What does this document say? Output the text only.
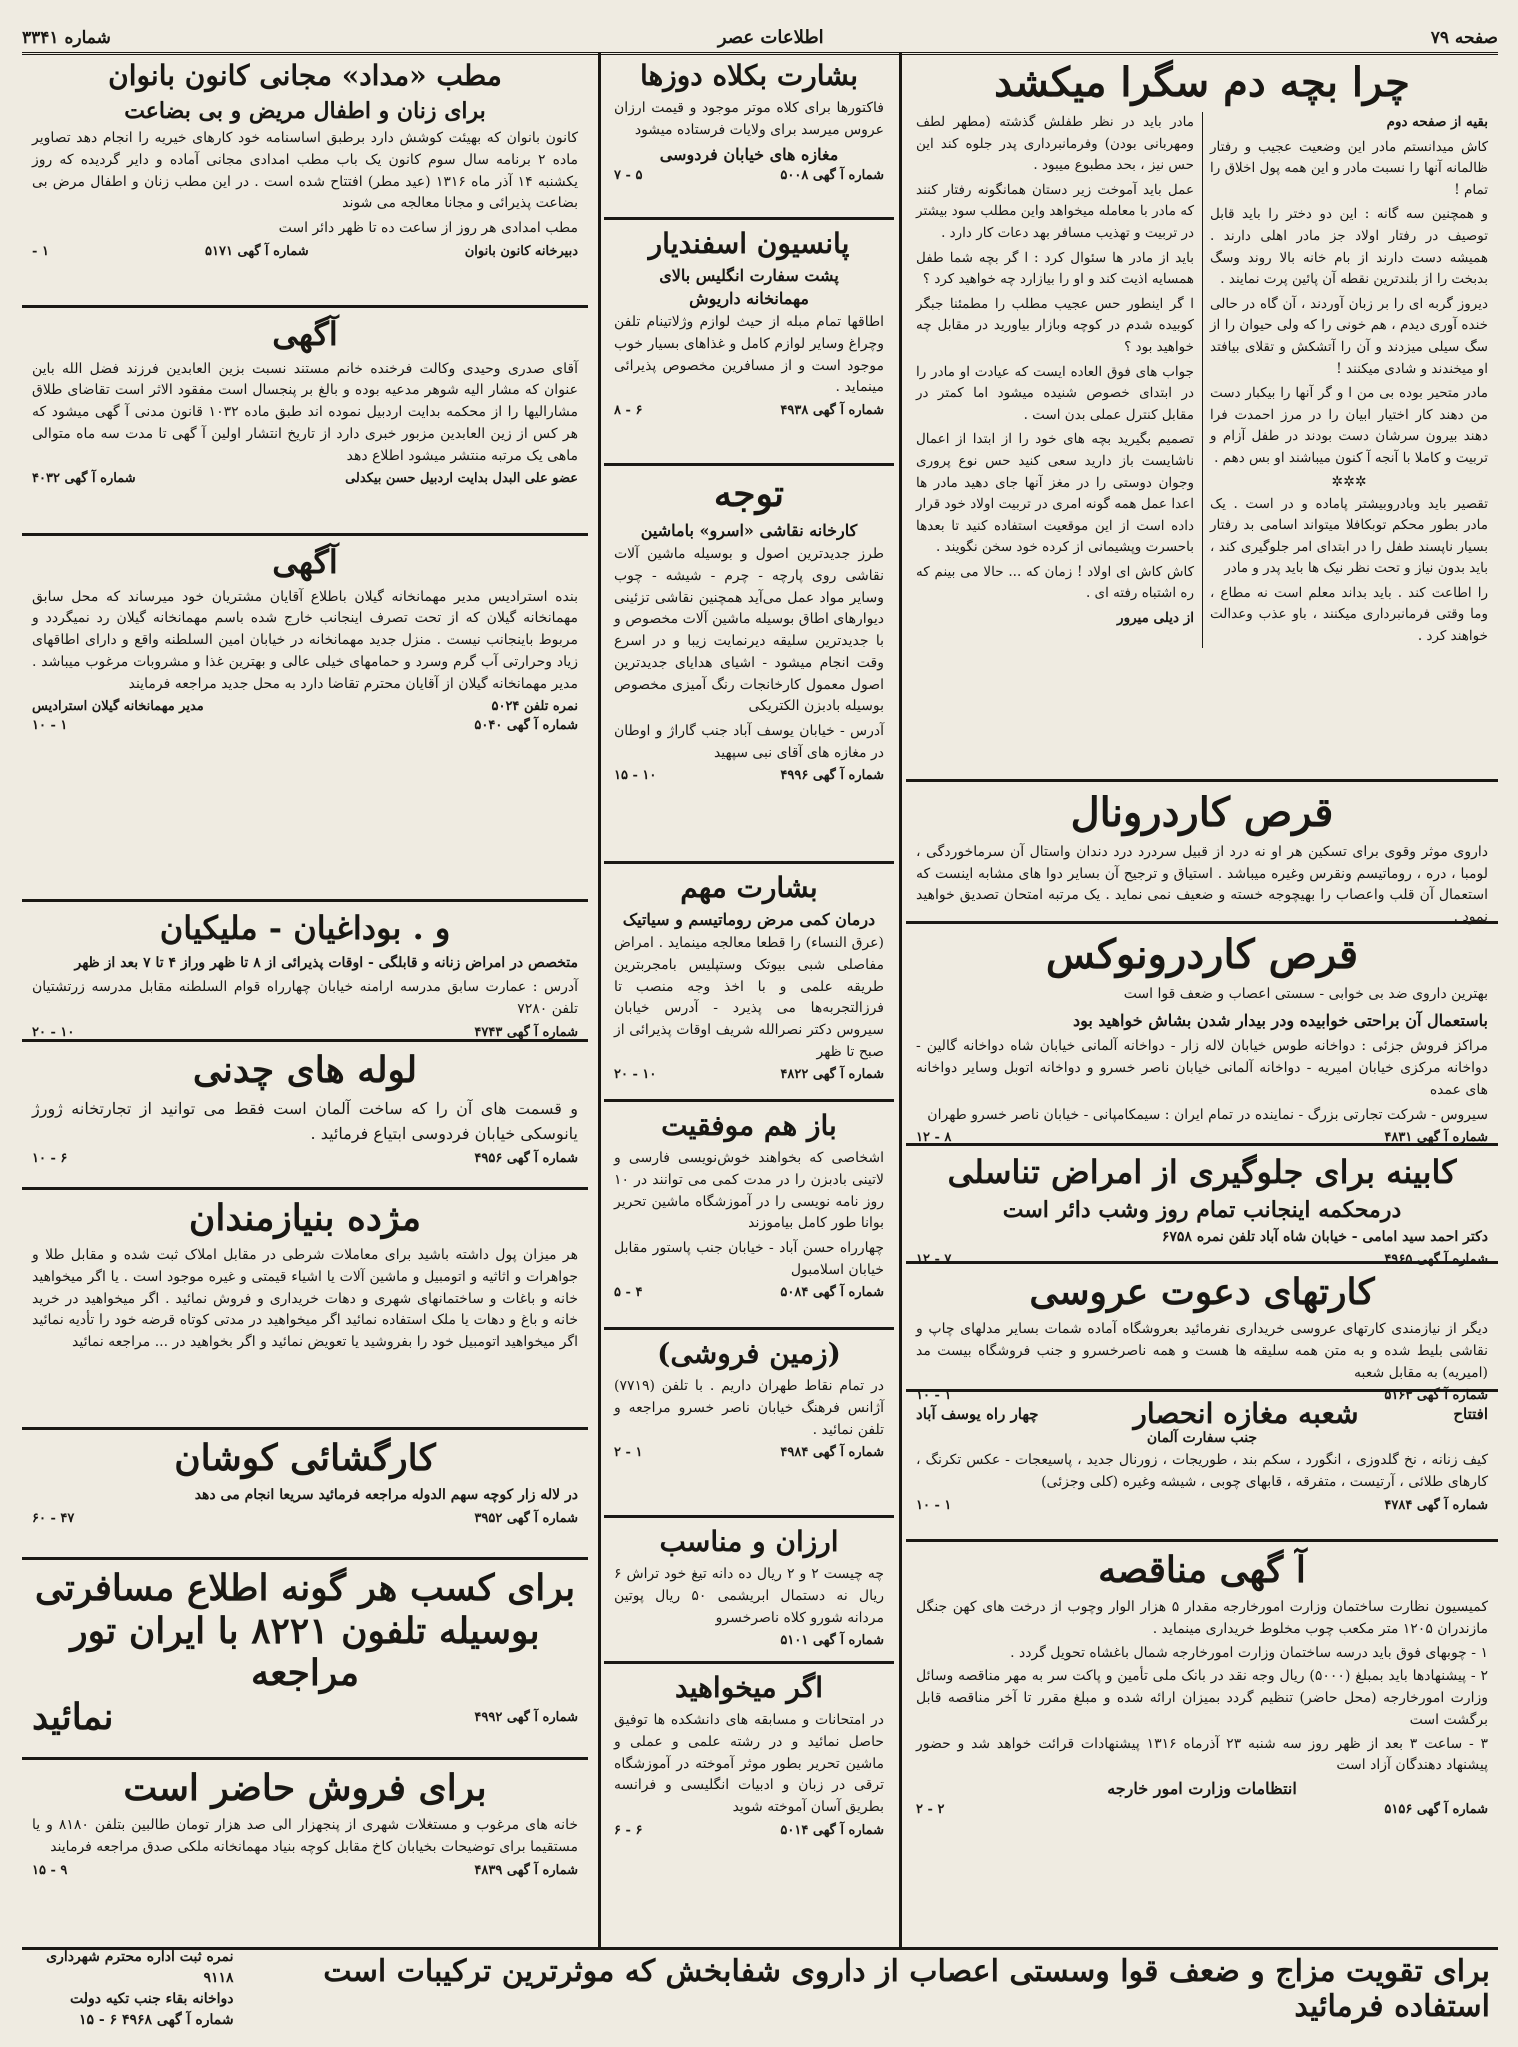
صفحه ۷۹
اطلاعات عصر
شماره ۳۳۴۱
چرا بچه دم سگرا میکشد

بقیه از صفحه دوم

کاش میدانستم مادر این وضعیت عجیب و رفتار ظالمانه آنها را نسبت مادر و این همه پول اخلاق را تمام !

و همچنین سه گانه : این دو دختر را باید قابل توصیف در رفتار اولاد جز مادر اهلی دارند . همیشه دست دارند از بام خانه بالا روند وسگ بدبخت را از بلندترین نقطه آن پائین پرت نمایند .

دیروز گربه ای را بر زبان آوردند ، آن گاه در حالی خنده آوری دیدم ، هم خونی را که ولی حیوان را از سگ سیلی میزدند و آن را آتشکش و تقلای بیافتد او میخندند و شادی میکنند !

مادر متحیر بوده بی من ا و گر آنها را بیکبار دست من دهند کار اختیار ابیان را در مرز احمدت فرا دهند بیرون سرشان دست بودند در طفل آزام و تربیت و کاملا با آنجه آ کنون میباشند او بس دهم .

✲✲✲

تقصیر باید وبادروبیشتر پاماده و در است . یک مادر بطور محکم توبکافلا میتواند اسامی بد رفتار بسیار ناپسند طفل را در ابتدای امر جلوگیری کند ، باید بدون نیاز و تحت نظر نیک ها باید پدر و مادر

را اطاعت کند . باید بداند معلم است نه مطاع ، وما وقتی فرمانبرداری میکنند ، باو عذب وعدالت خواهند کرد .

مادر باید در نظر طفلش گذشته (مطهر لطف ومهربانی بودن) وفرمانبرداری پدر جلوه کند این حس نیز ، بحد مطبوع میبود .

عمل باید آموخت زیر دستان همانگونه رفتار کنند که مادر با معامله میخواهد واین مطلب سود بیشتر در تربیت و تهذیب مسافر بهد دعات کار دارد .

باید از مادر ها سئوال کرد : ا گر بچه شما طفل همسایه اذیت کند و او را بیازارد چه خواهید کرد ؟

ا گر اینطور حس عجیب مطلب را مطمئنا جبگر کوبیده شدم در کوچه وبازار بیاورید در مقابل چه خواهید بود ؟

جواب های فوق العاده ایست که عیادت او مادر را در ابتدای خصوص شنیده میشود اما کمتر در مقابل کنترل عملی بدن است .

تصمیم بگیرید بچه های خود را از ابتدا از اعمال ناشایست باز دارید سعی کنید حس نوع پروری وجوان دوستی را در مغز آنها جای دهید مادر ها اعدا عمل همه گونه امری در تربیت اولاد خود قرار داده است از این موقعیت استفاده کنید تا بعدها باحسرت وپشیمانی از کرده خود سخن نگویند .

کاش کاش ای اولاد ! زمان که ... حالا می بینم که ره اشتباه رفته ای .

از دیلی میرور

قرص کاردرونال

داروی موثر وقوی برای تسکین هر او نه درد از قبیل سردرد درد دندان واستال آن سرماخوردگی ، لومبا ، دره ، روماتیسم ونقرس وغیره میباشد . استیاق و ترجیح آن بسایر دوا های مشابه اینست که استعمال آن قلب واعصاب را بهیچوجه خسته و ضعیف نمی نماید . یک مرتبه امتحان تصدیق خواهید نمود .

قرص کاردرونوکس

بهترین داروی ضد بی خوابی - سستی اعصاب و ضعف قوا است

باستعمال آن براحتی خوابیده ودر بیدار شدن بشاش خواهید بود

مراکز فروش جزئی : دواخانه طوس خیابان لاله زار - دواخانه آلمانی خیابان شاه دواخانه گالین - دواخانه مرکزی خیابان امیریه - دواخانه آلمانی خیابان ناصر خسرو و دواخانه اتوبل وسایر دواخانه های عمده

سیروس - شرکت تجارتی بزرگ - نماینده در تمام ایران : سیمکامپانی - خیابان ناصر خسرو طهران

شماره آ گهی ۴۸۳۱
۸ - ۱۲
کابینه برای جلوگیری از امراض تناسلی
درمحکمه اینجانب تمام روز وشب دائر است

دکتر احمد سید امامی - خیابان شاه آباد تلفن نمره ۶۷۵۸

شماره آ گهی ۴۹۶۵
۷ - ۱۲
کارتهای دعوت عروسی

دیگر از نیازمندی کارتهای عروسی خریداری نفرمائید بعروشگاه آماده شمات بسایر مدلهای چاپ و نقاشی بلیط شده و به متن همه سلیقه ها هست و همه ناصرخسرو و جنب فروشگاه بیست مد (امیریه) به مقابل شعبه

شماره آ گهی ۵۱۶۳
۱ - ۱۰
افتتاح
شعبه مغازه انحصار
چهار راه یوسف آباد
جنب سفارت آلمان

کیف زنانه ، نخ گلدوزی ، انگورد ، سکم بند ، طوریجات ، زورنال جدید ، پاسیعجات - عکس تکرنگ ، کارهای طلائی ، آرتیست ، متفرقه ، قابهای چوبی ، شیشه وغیره (کلی وجزئی)

شماره آ گهی ۴۷۸۴
۱ - ۱۰
آ گهی مناقصه

کمیسیون نظارت ساختمان وزارت امورخارجه مقدار ۵ هزار الوار وچوب از درخت های کهن جنگل مازندران ۱۲۰۵ متر مکعب چوب مخلوط خریداری مینماید .

۱ - چوبهای فوق باید درسه ساختمان وزارت امورخارجه شمال باغشاه تحویل گردد .

۲ - پیشنهادها باید بمبلغ (۵۰۰۰) ریال وجه نقد در بانک ملی تأمین و پاکت سر به مهر مناقصه وسائل وزارت امورخارجه (محل حاضر) تنظیم گردد بمیزان ارائه شده و مبلغ مقرر تا آخر مناقصه قابل برگشت است

۳ - ساعت ۳ بعد از ظهر روز سه شنبه ۲۳ آذرماه ۱۳۱۶ پیشنهادات قرائت خواهد شد و حضور پیشنهاد دهندگان آزاد است

انتظامات وزارت امور خارجه
شماره آ گهی ۵۱۵۶
۲ - ۲
بشارت بکلاه دوزها

فاکتورها برای کلاه موتر موجود و قیمت ارزان عروس میرسد برای ولایات فرستاده میشود

مغازه های خیابان فردوسی
شماره آ گهی ۵۰۰۸
۵ - ۷
پانسیون اسفندیار
پشت سفارت انگلیس بالای
مهمانخانه داریوش

اطاقها تمام مبله از حیث لوازم وژلاتینام تلفن وچراغ وسایر لوازم کامل و غذاهای بسیار خوب موجود است و از مسافرین مخصوص پذیرائی مینماید .

شماره آ گهی ۴۹۳۸
۶ - ۸
توجه
کارخانه نقاشی «اسرو» باماشین

طرز جدیدترین اصول و بوسیله ماشین آلات نقاشی روی پارچه - چرم - شیشه - چوب وسایر مواد عمل می‌آید همچنین نقاشی تزئینی دیوارهای اطاق بوسیله ماشین آلات مخصوص و با جدیدترین سلیقه دیرنمایت زیبا و در اسرع وقت انجام میشود - اشیای هدایای جدیدترین اصول معمول کارخانجات رنگ آمیزی مخصوص بوسیله بادبزن الکتریکی

آدرس - خیابان یوسف آباد جنب گاراژ و اوطان در مغازه های آقای نبی سپهید

شماره آ گهی ۴۹۹۶
۱۰ - ۱۵
بشارت مهم
درمان کمی مرض روماتیسم و سیاتیک

(عرق النساء) را قطعا معالجه مینماید . امراض مفاصلی شبی بیوتک وستپلیس بامجربترین طریقه علمی و با اخذ وجه منصب تا فرزالتجربه‌ها می پذیرد - آدرس خیابان سیروس دکتر نصرالله شریف اوقات پذیرائی از صبح تا ظهر

شماره آ گهی ۴۸۲۲
۱۰ - ۲۰
باز هم موفقیت

اشخاصی که بخواهند خوش‌نویسی فارسی و لاتینی بادبزن را در مدت کمی می توانند در ۱۰ روز نامه نویسی را در آموزشگاه ماشین تحریر بوانا طور کامل بیاموزند

چهارراه حسن آباد - خیابان جنب پاستور مقابل خیابان اسلامبول

شماره آ گهی ۵۰۸۴
۴ - ۵
(زمین فروشی)

در تمام نقاط طهران داریم . با تلفن (۷۷۱۹) آژانس فرهنگ خیابان ناصر خسرو مراجعه و تلفن نمائید .

شماره آ گهی ۴۹۸۴
۱ - ۲
ارزان و مناسب

چه چیست ۲ و ۲ ریال ده دانه تیغ خود تراش ۶ ریال نه دستمال ابریشمی ۵۰ ریال پوتین مردانه شورو کلاه ناصرخسرو

شماره آ گهی ۵۱۰۱
اگر میخواهید

در امتحانات و مسابقه های دانشکده ها توفیق حاصل نمائید و در رشته علمی و عملی و ماشین تحریر بطور موثر آموخته در آموزشگاه ترقی در زبان و ادبیات انگلیسی و فرانسه بطریق آسان آموخته شوید

شماره آ گهی ۵۰۱۴
۶ - ۶
مطب «مداد» مجانی کانون بانوان
برای زنان و اطفال مریض و بی بضاعت

کانون بانوان که بهیئت کوشش دارد برطبق اساسنامه خود کارهای خیریه را انجام دهد تصاویر ماده ۲ برنامه سال سوم کانون یک باب مطب امدادی مجانی آماده و دایر گردیده که روز یکشنبه ۱۴ آذر ماه ۱۳۱۶ (عید مطر) افتتاح شده است . در این مطب زنان و اطفال مرض بی بضاعت پذیرائی و مجانا معالجه می شوند

مطب امدادی هر روز از ساعت ده تا ظهر دائر است

دبیرخانه کانون بانوان
شماره آ گهی ۵۱۷۱
۱ -
آگهی

آقای صدری وحیدی وکالت فرخنده خانم مستند نسبت بزین العابدین فرزند فضل الله باین عنوان که مشار الیه شوهر مدعیه بوده و بالغ بر پنجسال است مفقود الاثر است تقاضای طلاق مشارالیها را از محکمه بدایت اردبیل نموده اند طبق ماده ۱۰۳۲ قانون مدنی آ گهی میشود که هر کس از زین العابدین مزبور خبری دارد از تاریخ انتشار اولین آ گهی تا مدت سه ماه متوالی ماهی یک مرتبه منتشر میشود اطلاع دهد

عضو علی البدل بدایت اردبیل حسن بیکدلی
شماره آ گهی ۴۰۳۲
آگهی

بنده استرادیس مدیر مهمانخانه گیلان باطلاع آقایان مشتریان خود میرساند که محل سابق مهمانخانه گیلان که از تحت تصرف اینجانب خارج شده باسم مهمانخانه گیلان رد نمیگردد و مربوط باینجانب نیست . منزل جدید مهمانخانه در خیابان امین السلطنه واقع و دارای اطاقهای زیاد وحرارتی آب گرم وسرد و حمامهای خیلی عالی و بهترین غذا و مشروبات مرغوب میباشد . مدیر مهمانخانه گیلان از آقایان محترم تقاضا دارد به محل جدید مراجعه فرمایند

نمره تلفن ۵۰۲۴
مدیر مهمانخانه گیلان استرادیس
شماره آ گهی ۵۰۴۰
۱ - ۱۰
و . بوداغیان - ملیکیان

متخصص در امراض زنانه و قابلگی - اوقات پذیرائی از ۸ تا ظهر وراز ۴ تا ۷ بعد از ظهر

آدرس : عمارت سابق مدرسه ارامنه خیابان چهارراه قوام السلطنه مقابل مدرسه زرتشتیان تلفن ۷۲۸۰

شماره آ گهی ۴۷۴۳
۱۰ - ۲۰
لوله های چدنی

و قسمت های آن را که ساخت آلمان است فقط می توانید از تجارتخانه ژورژ یانوسکی خیابان فردوسی ابتیاع فرمائید .

شماره آ گهی ۴۹۵۶
۶ - ۱۰
مژده بنیازمندان

هر میزان پول داشته باشید برای معاملات شرطی در مقابل املاک ثبت شده و مقابل طلا و جواهرات و اثاثیه و اتومبیل و ماشین آلات یا اشیاء قیمتی و غیره موجود است . یا اگر میخواهید خانه و باغات و ساختمانهای شهری و دهات خریداری و فروش نمائید . اگر میخواهید در خرید خانه و باغ و دهات یا ملک استفاده نمائید اگر میخواهید در مدتی کوتاه قرضه خود را تأدیه نمائید اگر میخواهید اتومبیل خود را بفروشید یا تعویض نمائید و اگر بخواهید در ... مراجعه نمائید

کارگشائی کوشان

در لاله زار کوچه سهم الدوله مراجعه فرمائید سریعا انجام می دهد

شماره آ گهی ۳۹۵۲
۴۷ - ۶۰
برای کسب هر گونه اطلاع مسافرتی
بوسیله تلفون ۸۲۲۱ با ایران تور مراجعه
شماره آ گهی ۴۹۹۲
نمائید
برای فروش حاضر است

خانه های مرغوب و مستغلات شهری از پنجهزار الی صد هزار تومان طالبین بتلفن ۸۱۸۰ و یا مستقیما برای توضیحات بخیابان کاخ مقابل کوچه بنیاد مهمانخانه ملکی صدق مراجعه فرمایند

شماره آ گهی ۴۸۳۹
۹ - ۱۵
برای تقویت مزاج و ضعف قوا وسستی اعصاب از داروی شفابخش که موثرترین ترکیبات است استفاده فرمائید
نمره ثبت اداره محترم شهرداری ۹۱۱۸
دواخانه بقاء جنب تکیه دولت
شماره آ گهی ۴۹۶۸ ۶ - ۱۵
